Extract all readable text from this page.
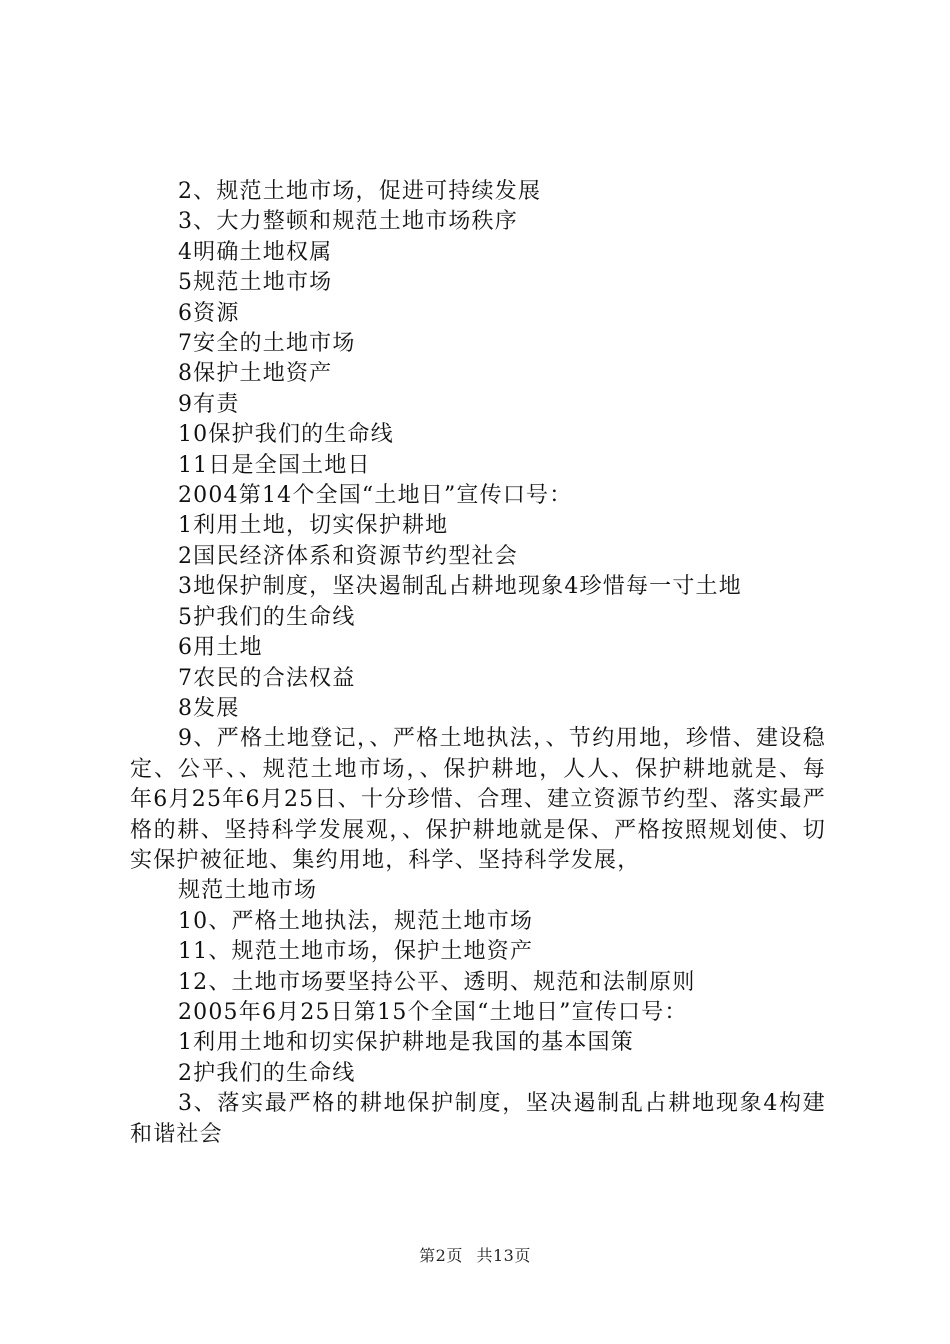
2、规范土地市场，促进可持续发展
3、大力整顿和规范土地市场秩序
4明确土地权属
5规范土地市场
6资源
7安全的土地市场
8保护土地资产
9有责
10保护我们的生命线
11日是全国土地日
2004第14个全国“土地日”宣传口号：
1利用土地，切实保护耕地
2国民经济体系和资源节约型社会
3地保护制度，坚决遏制乱占耕地现象4珍惜每一寸土地
5护我们的生命线
6用土地
7农民的合法权益
8发展
9、严格土地登记，、严格土地执法，、节约用地，珍惜、建设稳定、公平、、规范土地市场，、保护耕地，人人、保护耕地就是、每年6月25年6月25日、十分珍惜、合理、建立资源节约型、落实最严格的耕、坚持科学发展观，、保护耕地就是保、严格按照规划使、切实保护被征地、集约用地，科学、坚持科学发展，
规范土地市场
10、严格土地执法，规范土地市场
11、规范土地市场，保护土地资产
12、土地市场要坚持公平、透明、规范和法制原则
2005年6月25日第15个全国“土地日”宣传口号：
1利用土地和切实保护耕地是我国的基本国策
2护我们的生命线
3、落实最严格的耕地保护制度，坚决遏制乱占耕地现象4构建和谐社会
第2页 共13页
